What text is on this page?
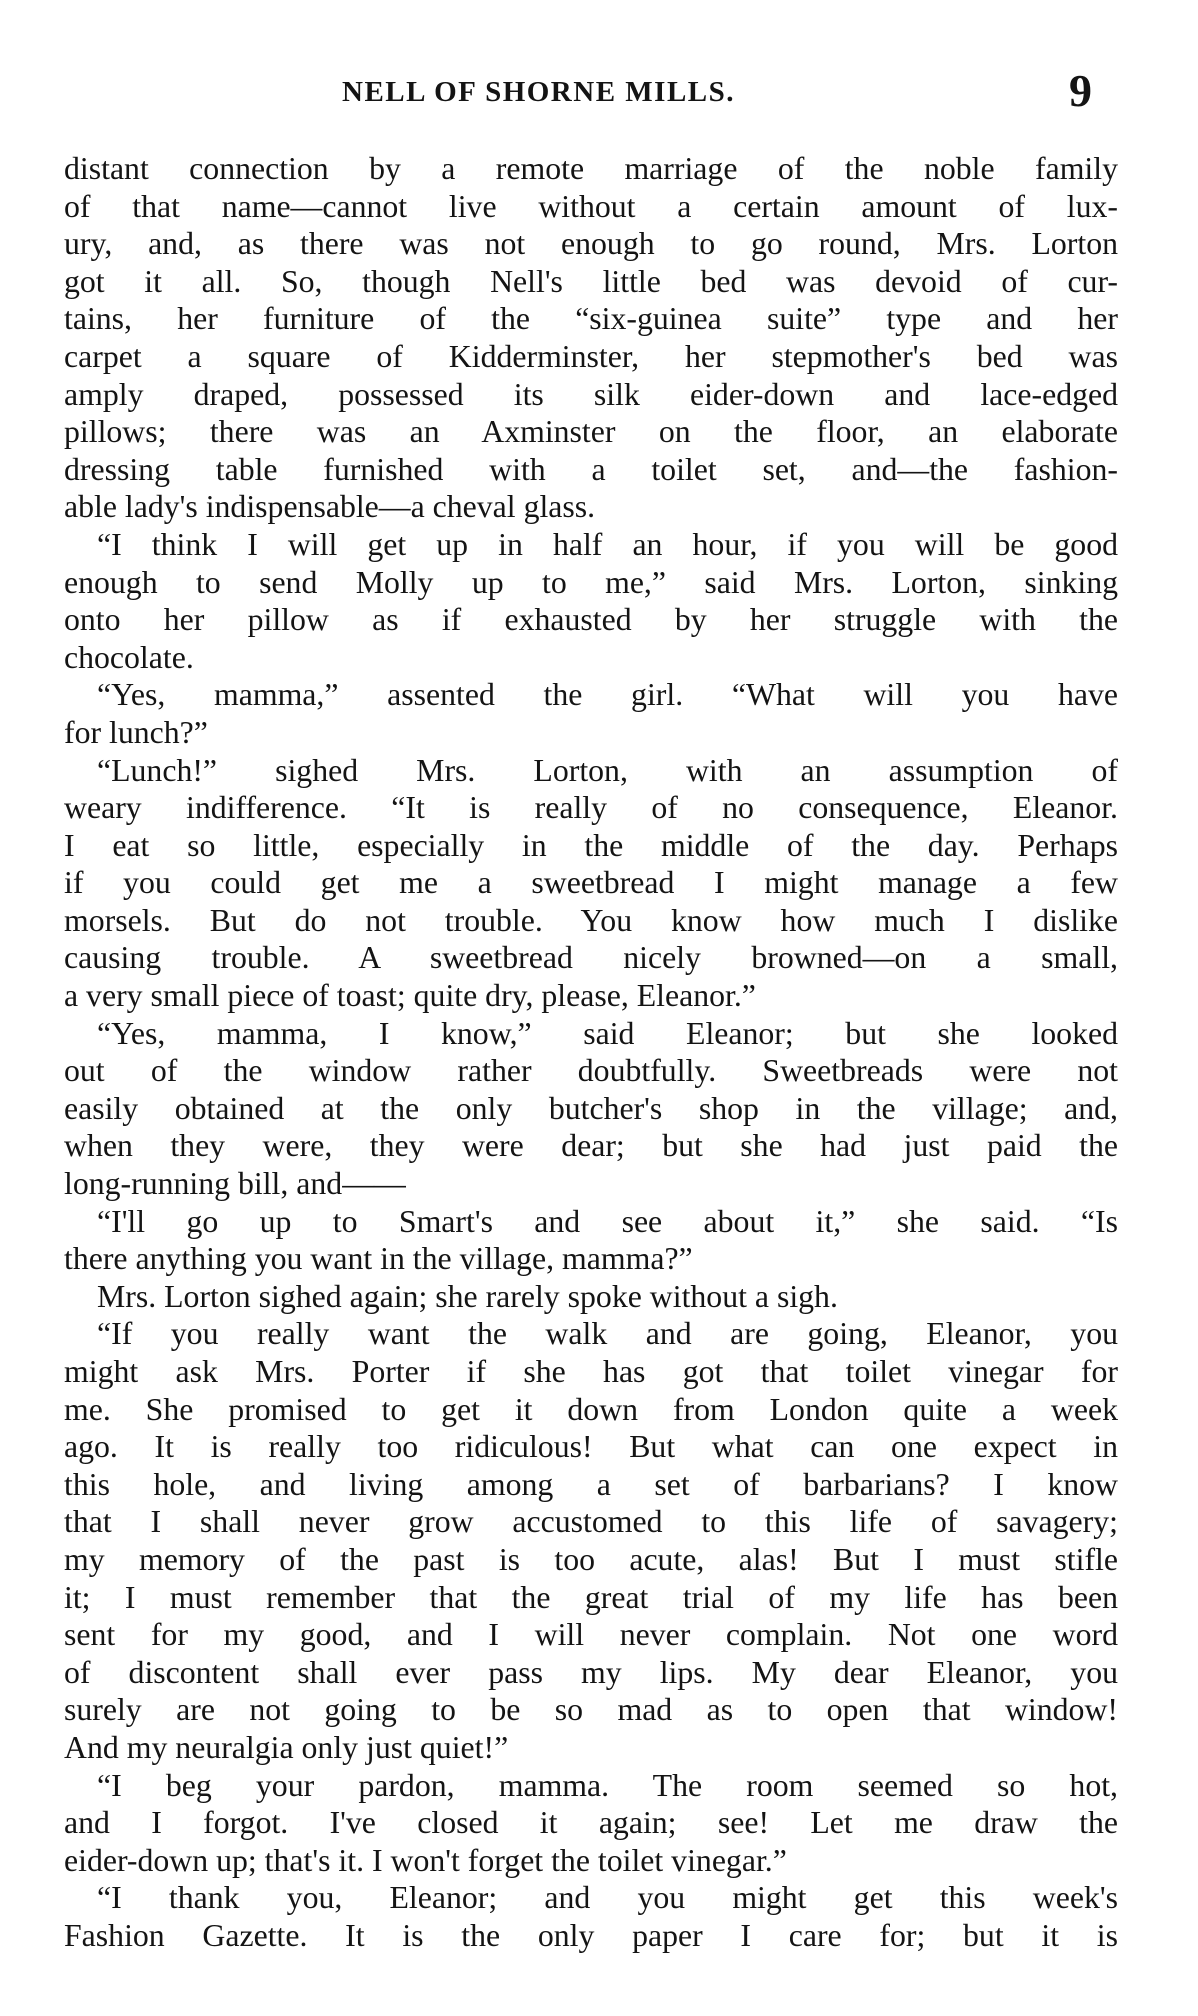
NELL OF SHORNE MILLS.	9
distant connection by a remote marriage of the noble family
of that name—cannot live without a certain amount of lux-
ury, and, as there was not enough to go round, Mrs. Lorton
got it all. So, though Nell's little bed was devoid of cur-
tains, her furniture of the “six-guinea suite” type and her
carpet a square of Kidderminster, her stepmother's bed was
amply draped, possessed its silk eider-down and lace-edged
pillows; there was an Axminster on the floor, an elaborate
dressing table furnished with a toilet set, and—the fashion-
able lady's indispensable—a cheval glass.
“I think I will get up in half an hour, if you will be good
enough to send Molly up to me,” said Mrs. Lorton, sinking
onto her pillow as if exhausted by her struggle with the
chocolate.
“Yes, mamma,” assented the girl. “What will you have
for lunch?”
“Lunch!” sighed Mrs. Lorton, with an assumption of
weary indifference. “It is really of no consequence, Eleanor.
I eat so little, especially in the middle of the day. Perhaps
if you could get me a sweetbread I might manage a few
morsels. But do not trouble. You know how much I dislike
causing trouble. A sweetbread nicely browned—on a small,
a very small piece of toast; quite dry, please, Eleanor.”
“Yes, mamma, I know,” said Eleanor; but she looked
out of the window rather doubtfully. Sweetbreads were not
easily obtained at the only butcher's shop in the village; and,
when they were, they were dear; but she had just paid the
long-running bill, and——
“I'll go up to Smart's and see about it,” she said. “Is
there anything you want in the village, mamma?”
Mrs. Lorton sighed again; she rarely spoke without a sigh.
“If you really want the walk and are going, Eleanor, you
might ask Mrs. Porter if she has got that toilet vinegar for
me. She promised to get it down from London quite a week
ago. It is really too ridiculous! But what can one expect in
this hole, and living among a set of barbarians? I know
that I shall never grow accustomed to this life of savagery;
my memory of the past is too acute, alas! But I must stifle
it; I must remember that the great trial of my life has been
sent for my good, and I will never complain. Not one word
of discontent shall ever pass my lips. My dear Eleanor, you
surely are not going to be so mad as to open that window!
And my neuralgia only just quiet!”
“I beg your pardon, mamma. The room seemed so hot,
and I forgot. I've closed it again; see! Let me draw the
eider-down up; that's it. I won't forget the toilet vinegar.”
“I thank you, Eleanor; and you might get this week's
Fashion Gazette. It is the only paper I care for; but it is
